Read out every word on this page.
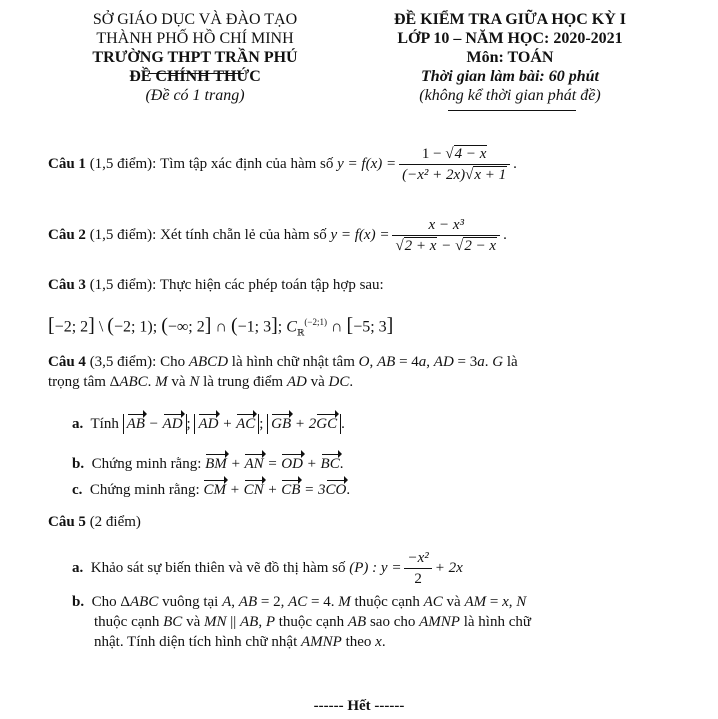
SỞ GIÁO DỤC VÀ ĐÀO TẠO
THÀNH PHỐ HỒ CHÍ MINH
TRƯỜNG THPT TRẦN PHÚ
ĐỀ CHÍNH THỨC
(Đề có 1 trang)
ĐỀ KIỂM TRA GIỮA HỌC KỲ I
LỚP 10 – NĂM HỌC: 2020-2021
Môn: TOÁN
Thời gian làm bài: 60 phút
(không kể thời gian phát đề)
Câu 1
(1,5 điểm):
Tìm tập xác định của hàm số
$y = f(x) = \frac{1 - √4 - x}{\text{(−x² + 2x)√x + 1}}$ .
Câu 2
(1,5 điểm):
Xét tính chẵn lẻ của hàm số
$y = f(x) = \frac{\text{x − x³}}{√2 + x - √2 - x}$ .
Câu 3 (1,5 điểm): Thực hiện các phép toán tập hợp sau:
[−2; 2] \ (−2; 1); (−∞; 2] ∩ (−1; 3]; $C_ℝ^{(-2;1)}$ ∩ [−5; 3]
Câu 4 (3,5 điểm): Cho ABCD là hình chữ nhật tâm O, AB = 4a, AD = 3a. G là
trọng tâm ΔABC. M và N là trung điểm AD và DC.
a. Tính AB − AD ; AD + AC ; GB + 2GC .
b. Chứng minh rằng: BM + AN = OD + BC.
c. Chứng minh rằng: CM + CN + CB = 3CO.
Câu 5 (2 điểm)
a.
Khảo sát sự biến thiên và vẽ đồ thị hàm số
(P) : $y = \frac{\text{−x²}}{2} + 2x$
b. Cho ΔABC vuông tại A, AB = 2, AC = 4. M thuộc cạnh AC và AM = x, N
thuộc cạnh BC và MN || AB, P thuộc cạnh AB sao cho AMNP là hình chữ
nhật. Tính diện tích hình chữ nhật AMNP theo x.
------ Hết ------
